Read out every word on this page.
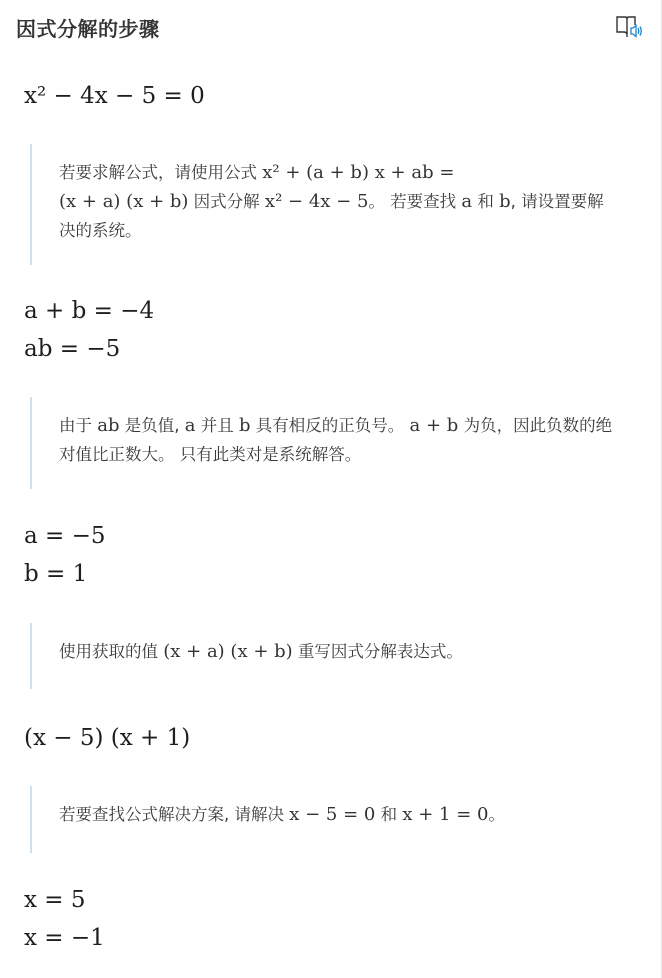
因式分解的步骤
x² − 4x − 5 = 0
若要求解公式，请使用公式 x² + (a + b) x + ab =
(x + a) (x + b) 因式分解 x² − 4x − 5。 若要查找 a 和 b, 请设置要解决的系统。
a + b = −4
ab = −5
由于 ab 是负值, a 并且 b 具有相反的正负号。 a + b 为负，因此负数的绝对值比正数大。 只有此类对是系统解答。
a = −5
b = 1
使用获取的值 (x + a) (x + b) 重写因式分解表达式。
(x − 5) (x + 1)
若要查找公式解决方案, 请解决 x − 5 = 0 和 x + 1 = 0。
x = 5
x = −1
